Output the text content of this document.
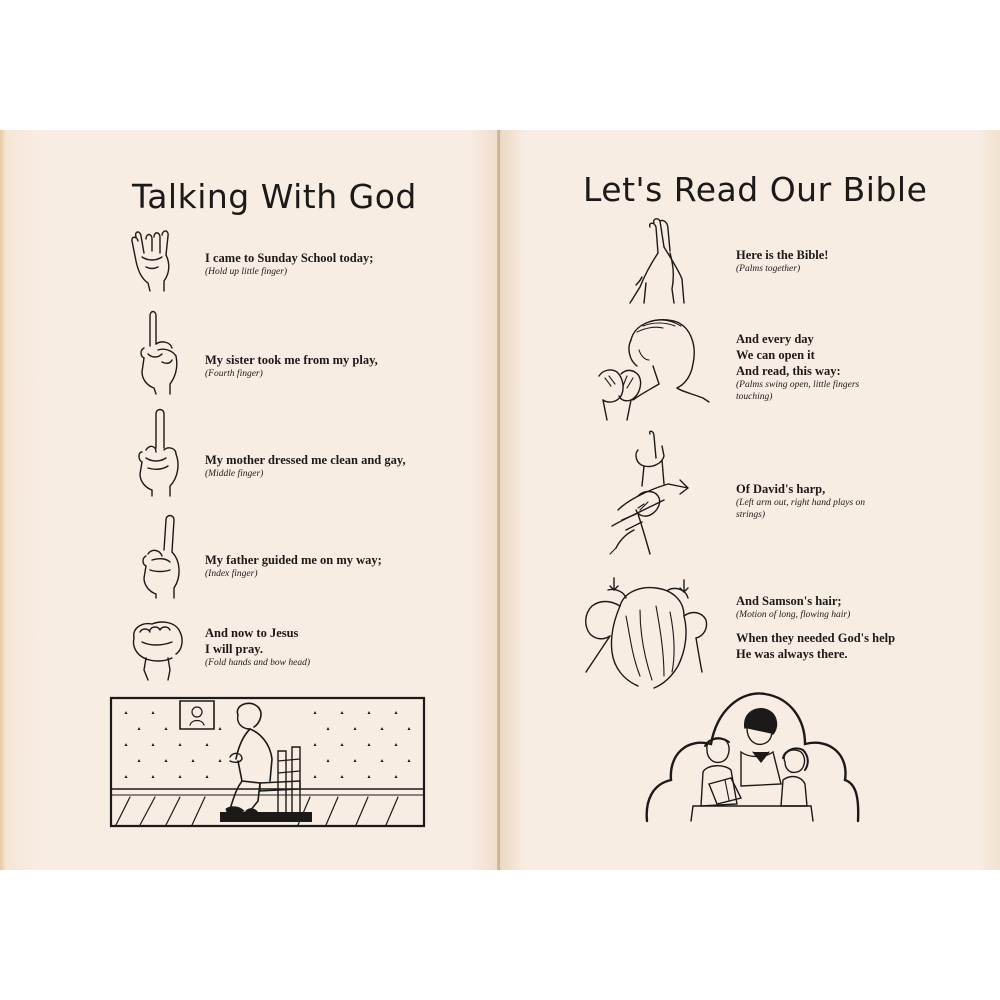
Talking With God
I came to Sunday School today;
(Hold up little finger)
My sister took me from my play,
(Fourth finger)
My mother dressed me clean and gay,
(Middle finger)
My father guided me on my way;
(Index finger)
And now to Jesus
I will pray.
(Fold hands and bow head)
Let's Read Our Bible
Here is the Bible!
(Palms together)
And every day
We can open it
And read, this way:
(Palms swing open, little fingers
touching)
Of David's harp,
(Left arm out, right hand plays on
strings)
And Samson's hair;
(Motion of long, flowing hair)
When they needed God's help
He was always there.
